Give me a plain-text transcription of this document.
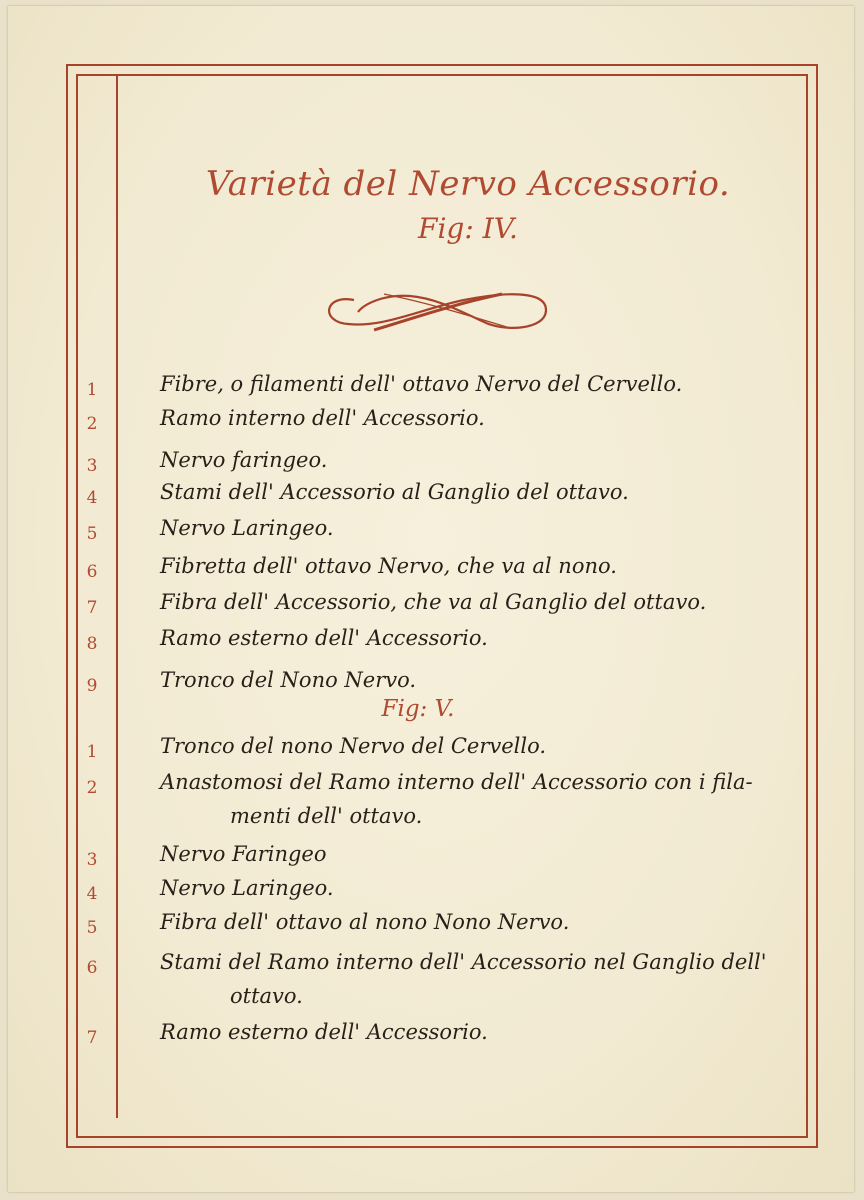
Varietà del Nervo Accessorio.
Fig: IV.
1	Fibre, o filamenti dell' ottavo Nervo del Cervello.
2	Ramo interno dell' Accessorio.
3	Nervo faringeo.
4	Stami dell' Accessorio al Ganglio del ottavo.
5	Nervo Laringeo.
6	Fibretta dell' ottavo Nervo, che va al nono.
7	Fibra dell' Accessorio, che va al Ganglio del ottavo.
8	Ramo esterno dell' Accessorio.
9	Tronco del Nono Nervo.
Fig: V.
1	Tronco del nono Nervo del Cervello.
2	Anastomosi del Ramo interno dell' Accessorio con i fila-
menti dell' ottavo.
3	Nervo Faringeo
4	Nervo Laringeo.
5	Fibra dell' ottavo al nono Nono Nervo.
6	Stami del Ramo interno dell' Accessorio nel Ganglio dell'
ottavo.
7	Ramo esterno dell' Accessorio.
